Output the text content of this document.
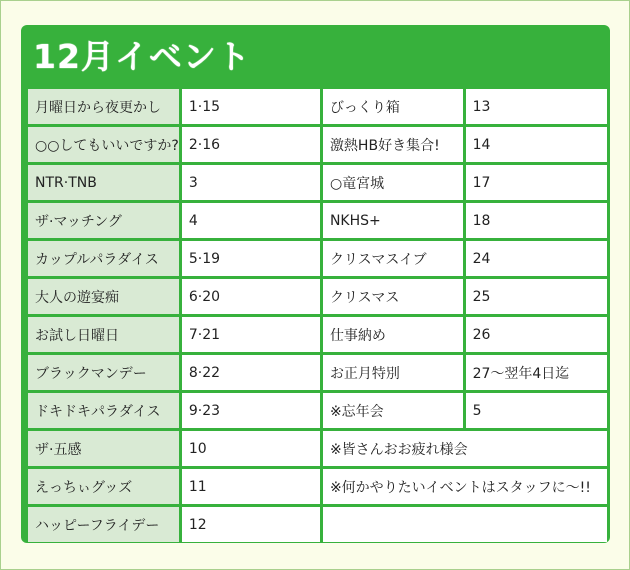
12月イベント
月曜日から夜更かし	1·15	びっくり箱	13
○○してもいいですか?	2·16	激熱HB好き集合!	14
NTR·TNB	3	○竜宮城	17
ザ·マッチング	4	NKHS+	18
カップルパラダイス	5·19	クリスマスイブ	24
大人の遊宴痴	6·20	クリスマス	25
お試し日曜日	7·21	仕事納め	26
ブラックマンデー	8·22	お正月特別	27〜翌年4日迄
ドキドキパラダイス	9·23	※忘年会	5
ザ·五感	10	※皆さんおお疲れ様会	
えっちぃグッズ	11	※何かやりたいイベントはスタッフに〜!!	
ハッピーフライデー	12		
